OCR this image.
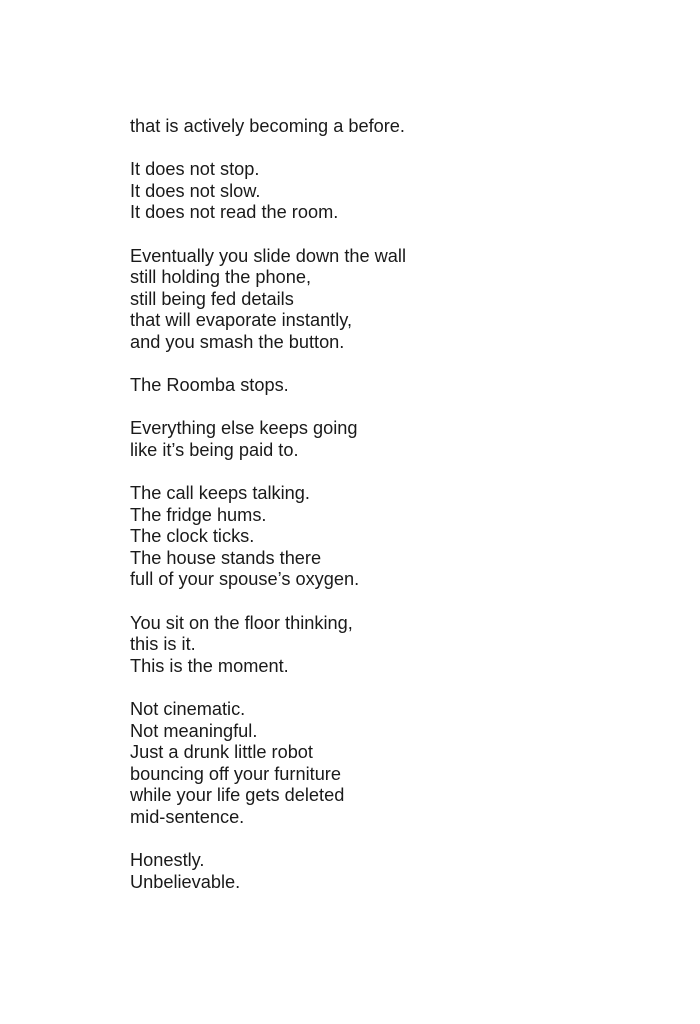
that is actively becoming a before.
It does not stop.
It does not slow.
It does not read the room.
Eventually you slide down the wall
still holding the phone,
still being fed details
that will evaporate instantly,
and you smash the button.
The Roomba stops.
Everything else keeps going
like it’s being paid to.
The call keeps talking.
The fridge hums.
The clock ticks.
The house stands there
full of your spouse’s oxygen.
You sit on the floor thinking,
this is it.
This is the moment.
Not cinematic.
Not meaningful.
Just a drunk little robot
bouncing off your furniture
while your life gets deleted
mid-sentence.
Honestly.
Unbelievable.
